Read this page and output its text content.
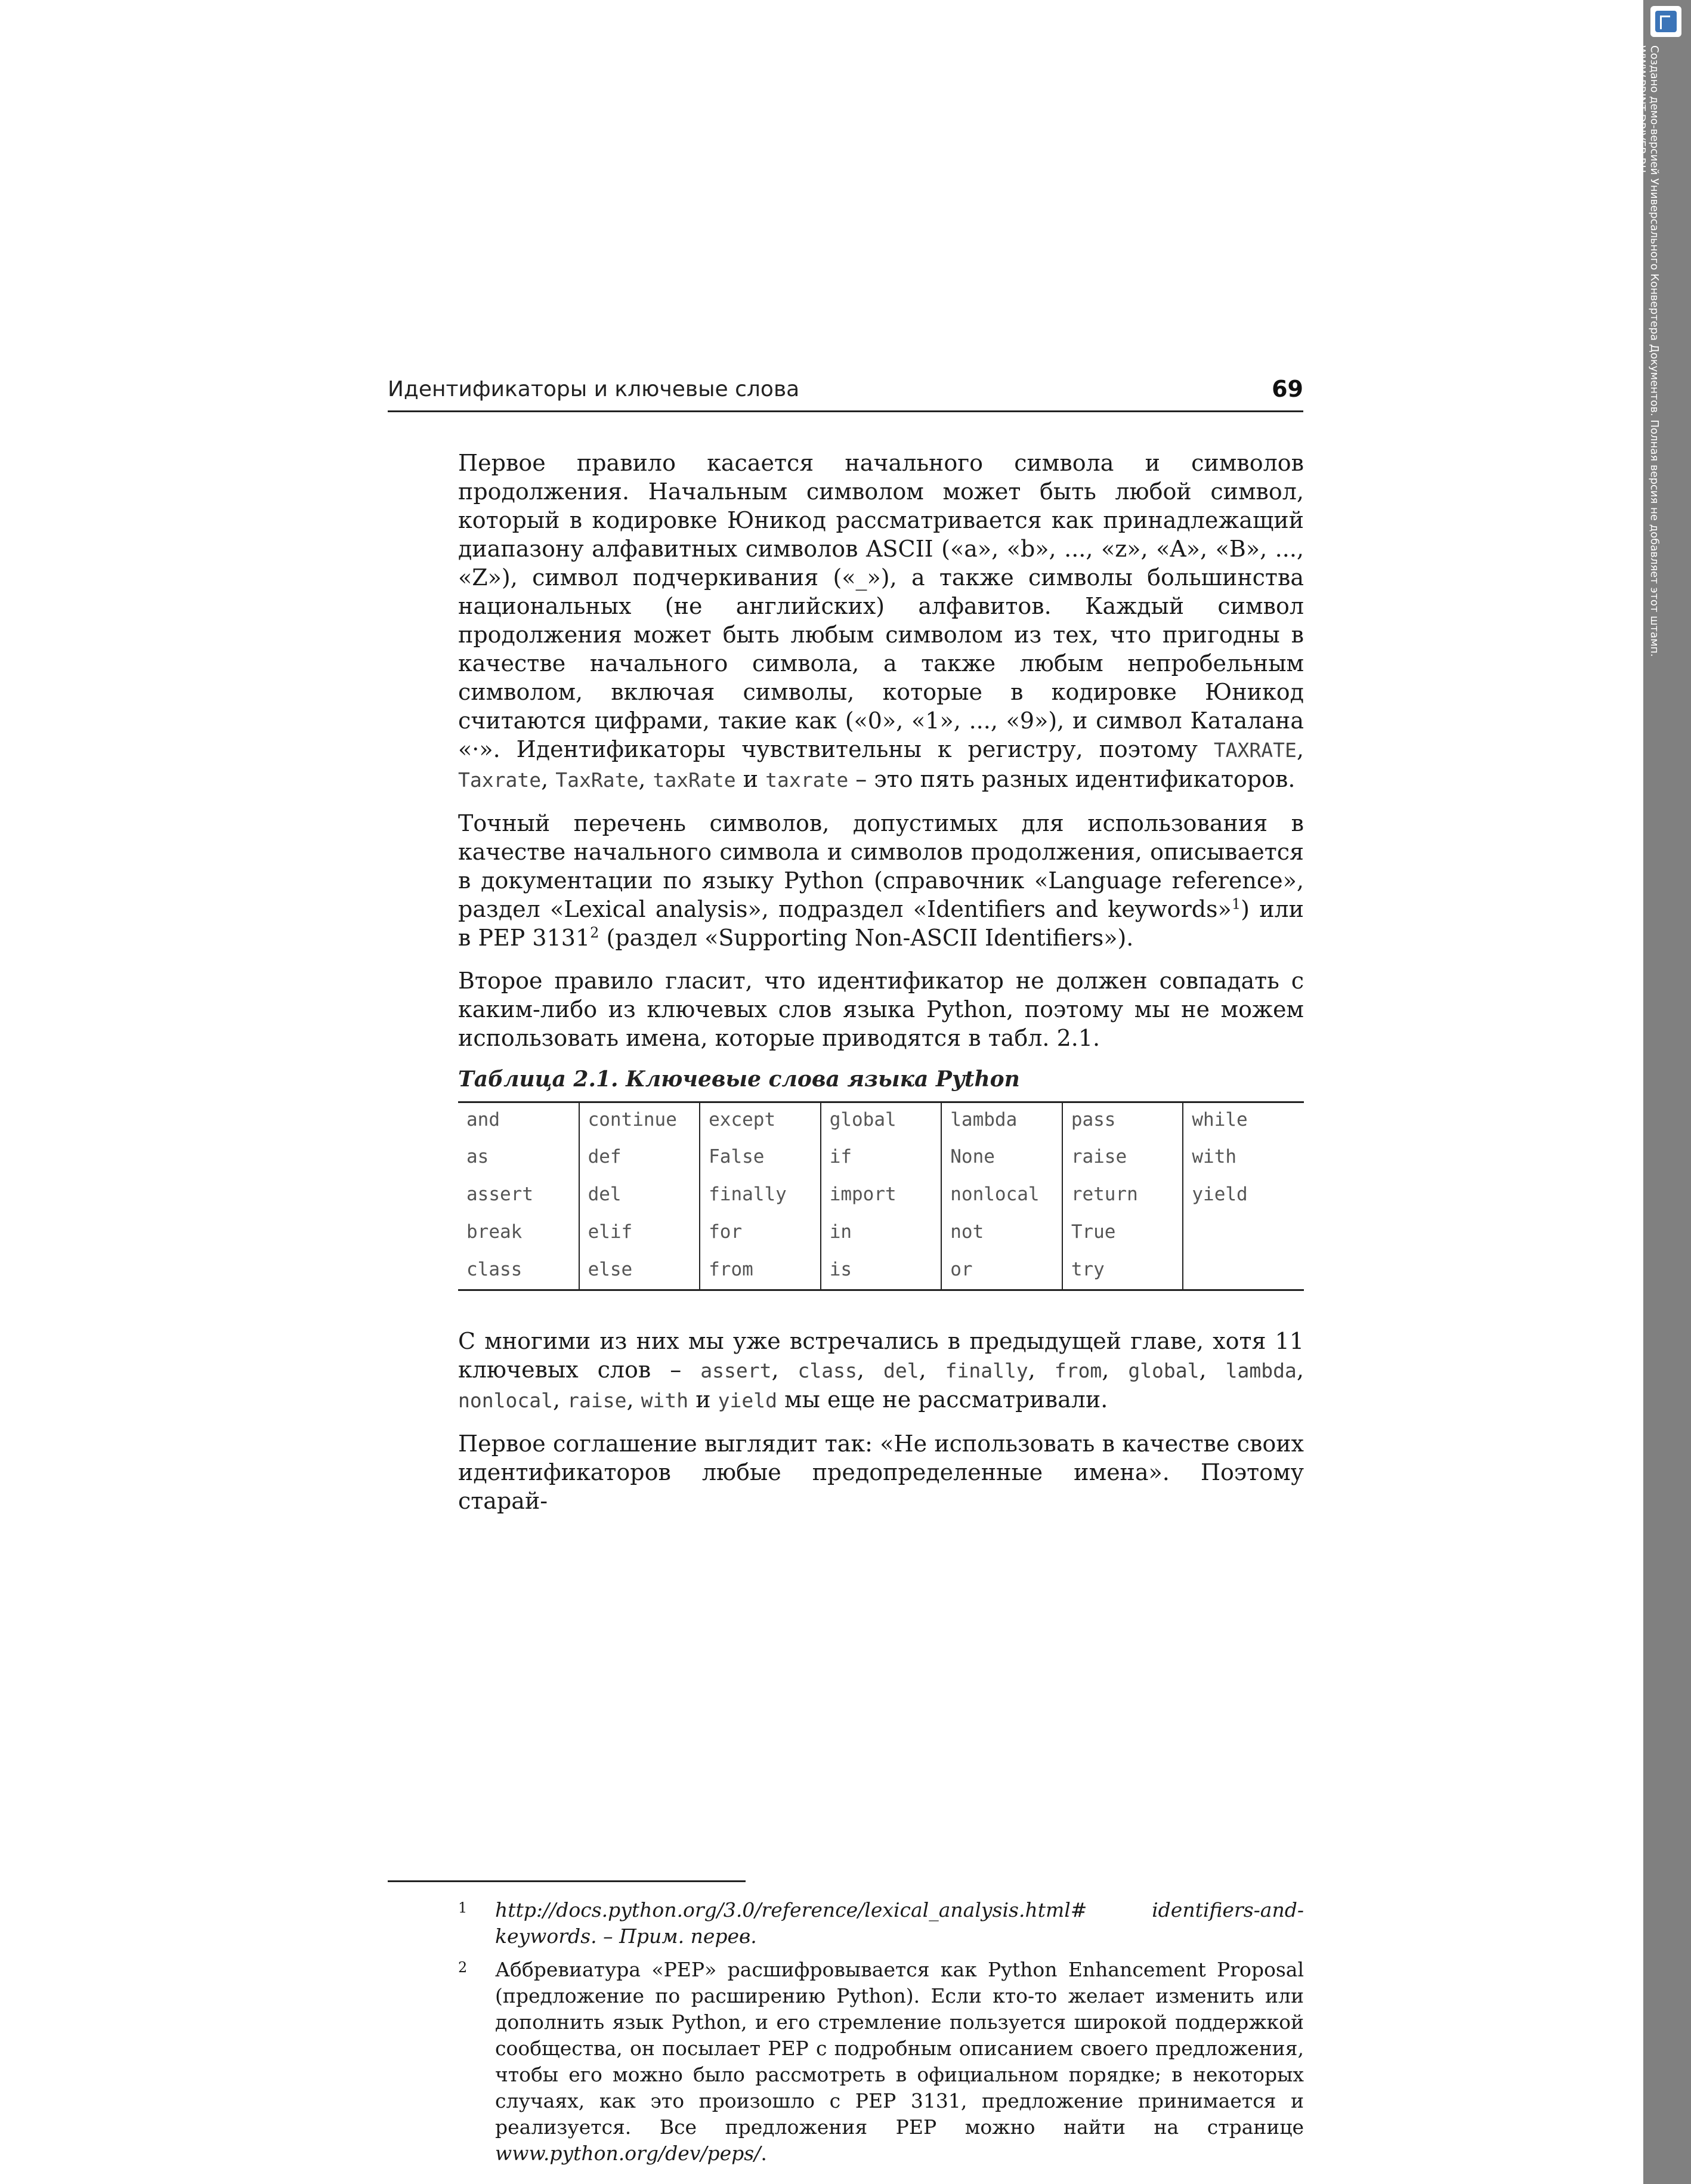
Идентификаторы и ключевые слова	69

Первое правило касается начального символа и символов продолжения. Начальным символом может быть любой символ, который в кодировке Юникод рассматривается как принадлежащий диапазону алфавитных символов ASCII («a», «b», ..., «z», «A», «B», ..., «Z»), символ подчеркивания («_»), а также символы большинства национальных (не английских) алфавитов. Каждый символ продолжения может быть любым символом из тех, что пригодны в качестве начального символа, а также любым непробельным символом, включая символы, которые в кодировке Юникод считаются цифрами, такие как («0», «1», ..., «9»), и символ Каталана «·». Идентификаторы чувствительны к регистру, поэтому TAXRATE, Taxrate, TaxRate, taxRate и taxrate – это пять разных идентификаторов.

Точный перечень символов, допустимых для использования в качестве начального символа и символов продолжения, описывается в документации по языку Python (справочник «Language reference», раздел «Lexical analysis», подраздел «Identifiers and keywords»$^1$) или в PEP 3131$^2$ (раздел «Supporting Non-ASCII Identifiers»).

Второе правило гласит, что идентификатор не должен совпадать с каким-либо из ключевых слов языка Python, поэтому мы не можем использовать имена, которые приводятся в табл. 2.1.

Таблица 2.1. Ключевые слова языка Python
and	continue	except	global	lambda	pass	while
as	def	False	if	None	raise	with
assert	del	finally	import	nonlocal	return	yield
break	elif	for	in	not	True	
class	else	from	is	or	try	

С многими из них мы уже встречались в предыдущей главе, хотя 11 ключевых слов – assert, class, del, finally, from, global, lambda, nonlocal, raise, with и yield мы еще не рассматривали.

Первое соглашение выглядит так: «Не использовать в качестве своих идентификаторов любые предопределенные имена». Поэтому старай-

1 http://docs.python.org/3.0/reference/lexical_analysis.html# identifiers-and-keywords. – Прим. перев.
2 Аббревиатура «PEP» расшифровывается как Python Enhancement Proposal (предложение по расширению Python). Если кто-то желает изменить или дополнить язык Python, и его стремление пользуется широкой поддержкой сообщества, он посылает PEP с подробным описанием своего предложения, чтобы его можно было рассмотреть в официальном порядке; в некоторых случаях, как это произошло с PEP 3131, предложение принимается и реализуется. Все предложения PEP можно найти на странице www.python.org/dev/peps/.
Создано демо-версией Универсального Конвертера Документов. Полная версия не добавляет этот штамп.
WWW.PRINT-DRIVER.RU
